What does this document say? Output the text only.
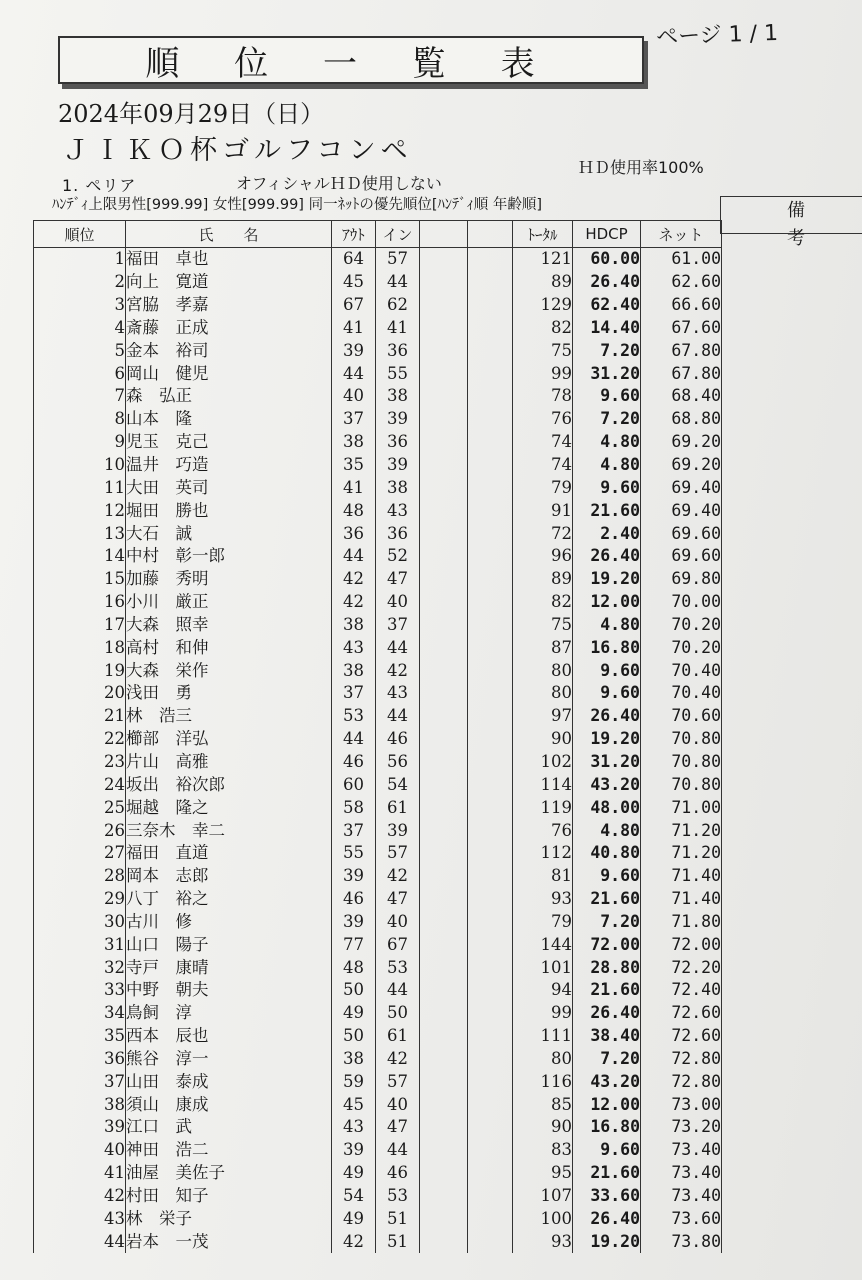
順 位 一 覧 表
ページ 1 / 1
2024年09月29日（日）
ＪＩＫＯ杯ゴルフコンペ
1. ペリア	オフィシャルＨＤ使用しない
ＨＤ使用率100%
ﾊﾝﾃﾞｨ上限男性[999.99] 女性[999.99] 同一ﾈｯﾄの優先順位[ﾊﾝﾃﾞｨ順 年齢順]	備 考
順位	氏　　名	ｱｳﾄ	イン			ﾄｰﾀﾙ	HDCP	ネット
1	福田　卓也	64	57			121	60.00	61.00
2	向上　寛道	45	44			89	26.40	62.60
3	宮脇　孝嘉	67	62			129	62.40	66.60
4	斎藤　正成	41	41			82	14.40	67.60
5	金本　裕司	39	36			75	7.20	67.80
6	岡山　健児	44	55			99	31.20	67.80
7	森　弘正	40	38			78	9.60	68.40
8	山本　隆	37	39			76	7.20	68.80
9	児玉　克己	38	36			74	4.80	69.20
10	温井　巧造	35	39			74	4.80	69.20
11	大田　英司	41	38			79	9.60	69.40
12	堀田　勝也	48	43			91	21.60	69.40
13	大石　誠	36	36			72	2.40	69.60
14	中村　彰一郎	44	52			96	26.40	69.60
15	加藤　秀明	42	47			89	19.20	69.80
16	小川　厳正	42	40			82	12.00	70.00
17	大森　照幸	38	37			75	4.80	70.20
18	高村　和伸	43	44			87	16.80	70.20
19	大森　栄作	38	42			80	9.60	70.40
20	浅田　勇	37	43			80	9.60	70.40
21	林　浩三	53	44			97	26.40	70.60
22	櫛部　洋弘	44	46			90	19.20	70.80
23	片山　高雅	46	56			102	31.20	70.80
24	坂出　裕次郎	60	54			114	43.20	70.80
25	堀越　隆之	58	61			119	48.00	71.00
26	三奈木　幸二	37	39			76	4.80	71.20
27	福田　直道	55	57			112	40.80	71.20
28	岡本　志郎	39	42			81	9.60	71.40
29	八丁　裕之	46	47			93	21.60	71.40
30	古川　修	39	40			79	7.20	71.80
31	山口　陽子	77	67			144	72.00	72.00
32	寺戸　康晴	48	53			101	28.80	72.20
33	中野　朝夫	50	44			94	21.60	72.40
34	鳥飼　淳	49	50			99	26.40	72.60
35	西本　辰也	50	61			111	38.40	72.60
36	熊谷　淳一	38	42			80	7.20	72.80
37	山田　泰成	59	57			116	43.20	72.80
38	須山　康成	45	40			85	12.00	73.00
39	江口　武	43	47			90	16.80	73.20
40	神田　浩二	39	44			83	9.60	73.40
41	油屋　美佐子	49	46			95	21.60	73.40
42	村田　知子	54	53			107	33.60	73.40
43	林　栄子	49	51			100	26.40	73.60
44	岩本　一茂	42	51			93	19.20	73.80
